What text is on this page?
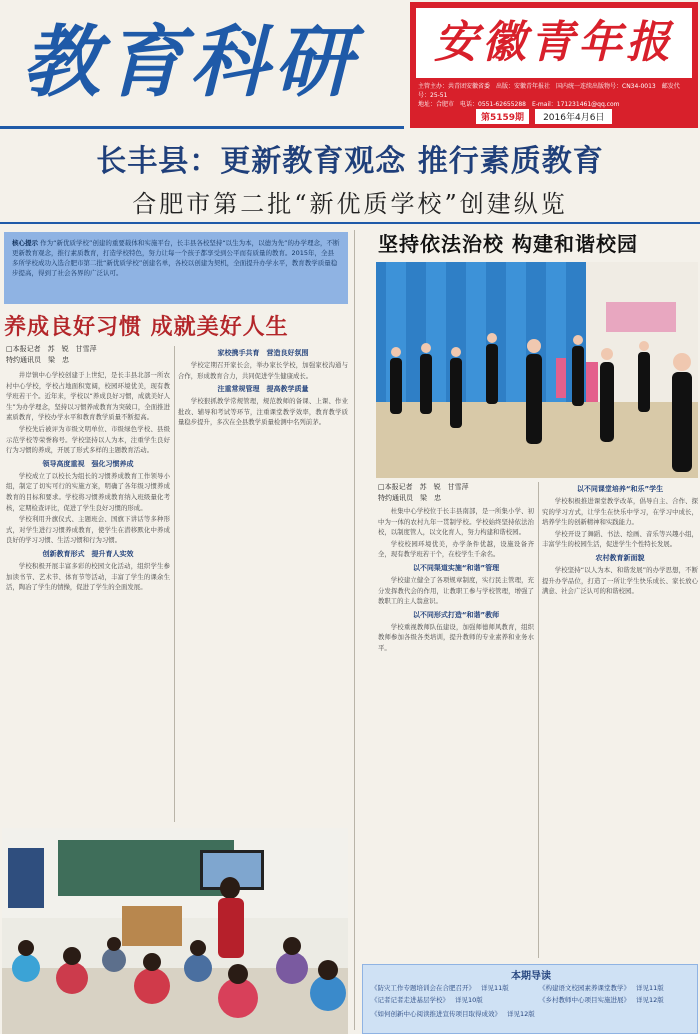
教育科研	安徽青年报
主管主办：共青团安徽省委　出版：安徽青年报社　国内统一连续出版物号：CN34-0013　邮发代号：25-51
地址：合肥市　电话：0551-62655288　E-mail：171231461@qq.com
第5159期	2016年4月6日
长丰县：更新教育观念 推行素质教育
合肥市第二批“新优质学校”创建纵览
核心提示 作为“新优质学校”创建的重要载体和实施平台，长丰县各校坚持“以生为本，以德为先”的办学理念，不断更新教育观念，推行素质教育，打造学校特色，努力让每一个孩子都享受到公平而有质量的教育。2015年，全县多所学校成功入选合肥市第二批“新优质学校”创建名单，各校以创建为契机，全面提升办学水平，教育教学质量稳步提高，得到了社会各界的广泛认可。
养成良好习惯 成就美好人生
□本报记者　苏　锐　甘雪萍
特约通讯员　梁　忠

井岸镇中心学校创建于上世纪，是长丰县北部一所农村中心学校，学校占地面积宽阔，校园环境优美，现有教学班若干个。近年来，学校以“养成良好习惯，成就美好人生”为办学理念，坚持以习惯养成教育为突破口，全面推进素质教育，学校办学水平和教育教学质量不断提高。

学校先后被评为市级文明单位、市级绿色学校、县级示范学校等荣誉称号。学校坚持以人为本，注重学生良好行为习惯的养成，开展了形式多样的主题教育活动。

领导高度重视　强化习惯养成

学校成立了以校长为组长的习惯养成教育工作领导小组，制定了切实可行的实施方案，明确了各年级习惯养成教育的目标和要求。学校将习惯养成教育纳入班级量化考核，定期检查评比，促进了学生良好习惯的形成。

学校利用升旗仪式、主题班会、国旗下讲话等多种形式，对学生进行习惯养成教育，使学生在潜移默化中养成良好的学习习惯、生活习惯和行为习惯。

创新教育形式　提升育人实效

学校积极开展丰富多彩的校园文化活动，组织学生参加读书节、艺术节、体育节等活动，丰富了学生的课余生活，陶冶了学生的情操，促进了学生的全面发展。

家校携手共育　营造良好氛围

学校定期召开家长会，举办家长学校，加强家校沟通与合作，形成教育合力，共同促进学生健康成长。

注重常规管理　提高教学质量

学校狠抓教学常规管理，规范教师的备课、上课、作业批改、辅导和考试等环节，注重课堂教学效率，教育教学质量稳步提升，多次在全县教学质量检测中名列前茅。

坚持依法治校 构建和谐校园
□本报记者　苏　锐　甘雪萍
特约通讯员　梁　忠

杜集中心学校位于长丰县南部，是一所集小学、初中为一体的农村九年一贯制学校。学校始终坚持依法治校，以制度管人，以文化育人，努力构建和谐校园。

学校校园环境优美，办学条件优越，设施设备齐全，现有教学班若干个，在校学生千余名。

以不同渠道实施“和谐”管理

学校建立健全了各项规章制度，实行民主管理，充分发挥教代会的作用，让教职工参与学校管理，增强了教职工的主人翁意识。

以不同形式打造“和谐”教师

学校重视教师队伍建设，加强师德师风教育，组织教师参加各级各类培训，提升教师的专业素养和业务水平。

以不同课堂培养“和乐”学生

学校积极推进课堂教学改革，倡导自主、合作、探究的学习方式，让学生在快乐中学习，在学习中成长，培养学生的创新精神和实践能力。

学校开设了舞蹈、书法、绘画、音乐等兴趣小组，丰富学生的校园生活，促进学生个性特长发展。

农村教育新面貌

学校坚持“以人为本、和谐发展”的办学思想，不断提升办学品位，打造了一所让学生快乐成长、家长放心满意、社会广泛认可的和谐校园。

本期导读
《防灾工作专题培训会在合肥召开》 详见11版
《记者记者走进基层学校》 详见10版
《构建语文校园素养课堂教学》 详见11版
《乡村教师中心项目实施进展》 详见12版
《如何创新中心阅读推进宣传项目取得成效》 详见12版
